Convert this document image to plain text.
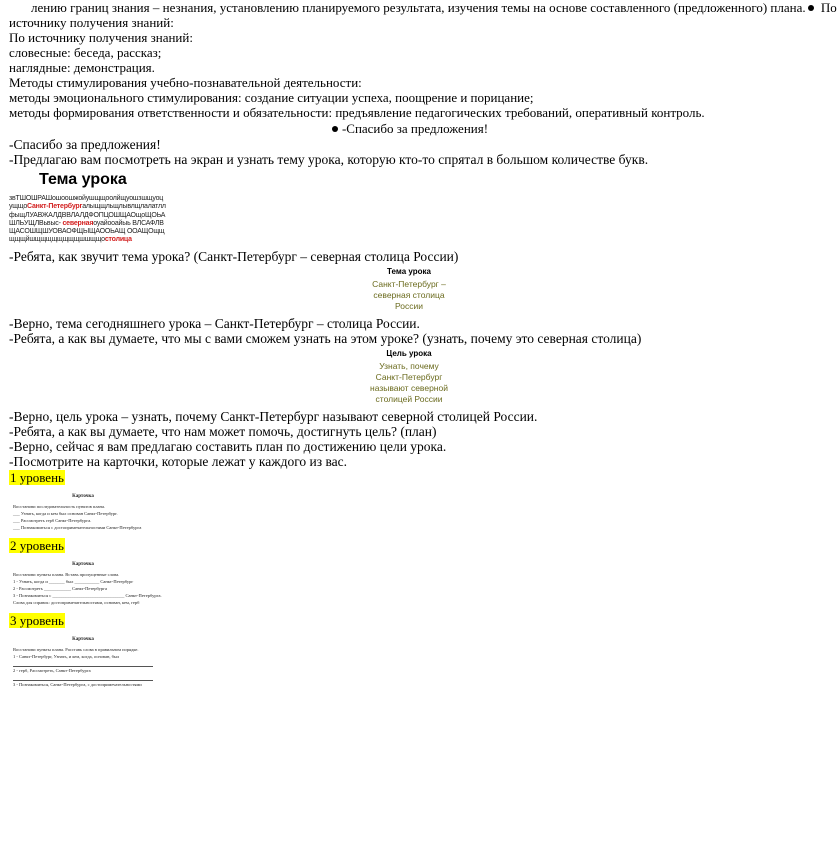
лению границ знания – незнания, установлению планируемого результата, изучения темы на основе составленного (предложенного) плана. По
источнику получения знаний:
По источнику получения знаний:
словесные: беседа, рассказ;
наглядные: демонстрация.
Методы стимулирования учебно-познавательной деятельности:
методы эмоционального стимулирования: создание ситуации успеха, поощрение и порицание;
методы формирования ответственности и обязательности: предъявление педагогических требований, оперативный контроль.
-Спасибо за предложения!
-Спасибо за предложения!
-Предлагаю вам посмотреть на экран и узнать тему урока, которую кто-то спрятал в большом количестве букв.
Тема урока
звТШОШРАШошоошжойушщщоолйщуошзшщуоц
ущщоСанкт-Петербургалыщщльщлывлщлалатлл фыщЛУАВЖАЛДВВЛАЛДФОПЦОШЩАОщоЩОЬАШЛЬУЩЛВьвыс- севернаяоуайооайыь ВЛСАФЛВЩАСОШЩШУОВАОФЩЫЩАООЬАЩ ООАЩОщщщщщйшщщщщщщщщшшщщостолица
-Ребята, как звучит тема урока? (Санкт-Петербург – северная столица России)
Тема урока
Санкт-Петербург – северная столица России
-Верно, тема сегодняшнего урока – Санкт-Петербург – столица России.
-Ребята, а как вы думаете, что мы с вами сможем узнать на этом уроке? (узнать, почему это северная столица)
Цель урока
Узнать, почему Санкт-Петербург называют северной столицей России
-Верно, цель урока – узнать, почему Санкт-Петербург называют северной столицей России.
-Ребята, а как вы думаете, что нам может помочь, достигнуть цель? (план)
-Верно, сейчас я вам предлагаю составить план по достижению цели урока.
-Посмотрите на карточки, которые лежат у каждого из вас.
1 уровень
Карточка
Восстанови последовательность пунктов плана.
___ Узнать, когда и кем был основан Санкт-Петербург.
___ Рассмотреть герб Санкт-Петербурга.
___ Познакомиться с достопримечательностями Санкт-Петербурга
2 уровень
Карточка
Восстанови пункты плана. Вставь пропущенные слова.
1 - Узнать, когда и _______ был ___________ Санкт-Петербург
2 - Рассмотреть ____________ Санкт-Петербурга
3 - Познакомиться с ________________________________ Санкт-Петербурга.
Слова для справок: достопримечательностями, основан, кем, герб
3 уровень
Карточка
Восстанови пункты плана. Расставь слова в правильном порядке.
1 - Санкт-Петербург, Узнать, и кем, когда, основан, был
2 - герб, Рассмотреть, Санкт-Петербурга
3 - Познакомиться, Санкт-Петербурга, с достопримечательностями
